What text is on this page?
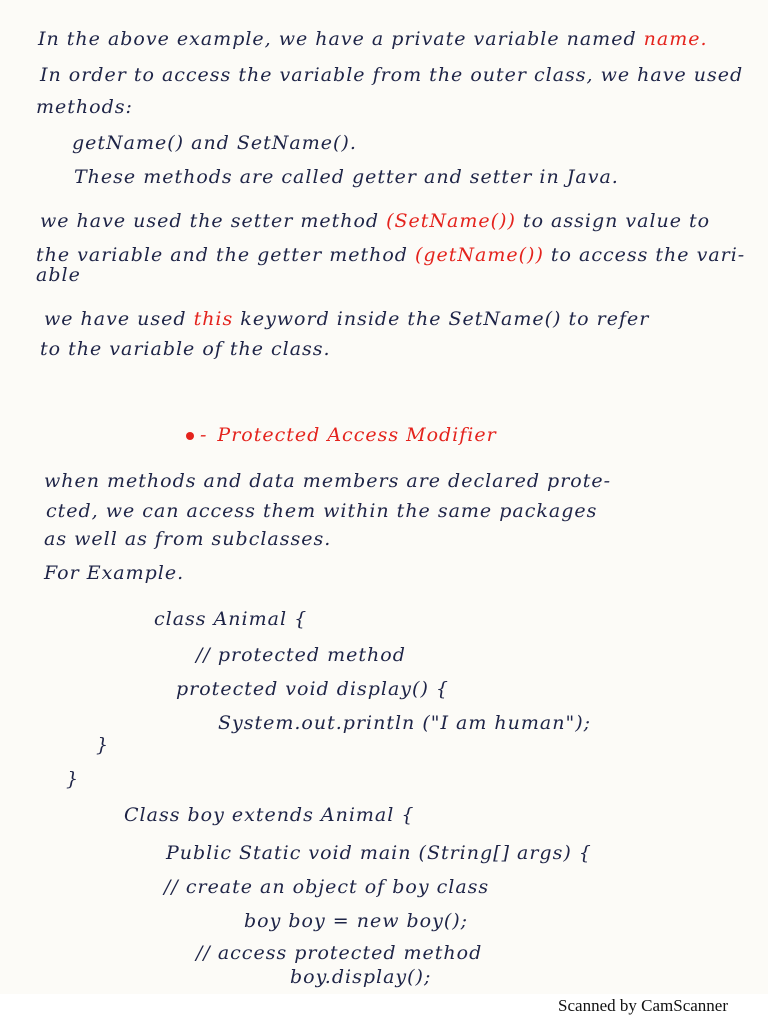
In the above example, we have a private variable named name.
In order to access the variable from the outer class, we have used
methods:
getName() and SetName().
These methods are called getter and setter in Java.
we have used the setter method (SetName()) to assign value to
the variable and the getter method (getName()) to access the vari-
able
we have used this keyword inside the SetName() to refer
to the variable of the class.
- Protected Access Modifier
when methods and data members are declared prote-
cted, we can access them within the same packages
as well as from subclasses.
For Example.
class Animal {
// protected method
protected void display() {
System.out.println ("I am human");
}
}
Class boy extends Animal {
Public Static void main (String[] args) {
// create an object of boy class
boy boy = new boy();
// access protected method
boy.display();
Scanned by CamScanner
